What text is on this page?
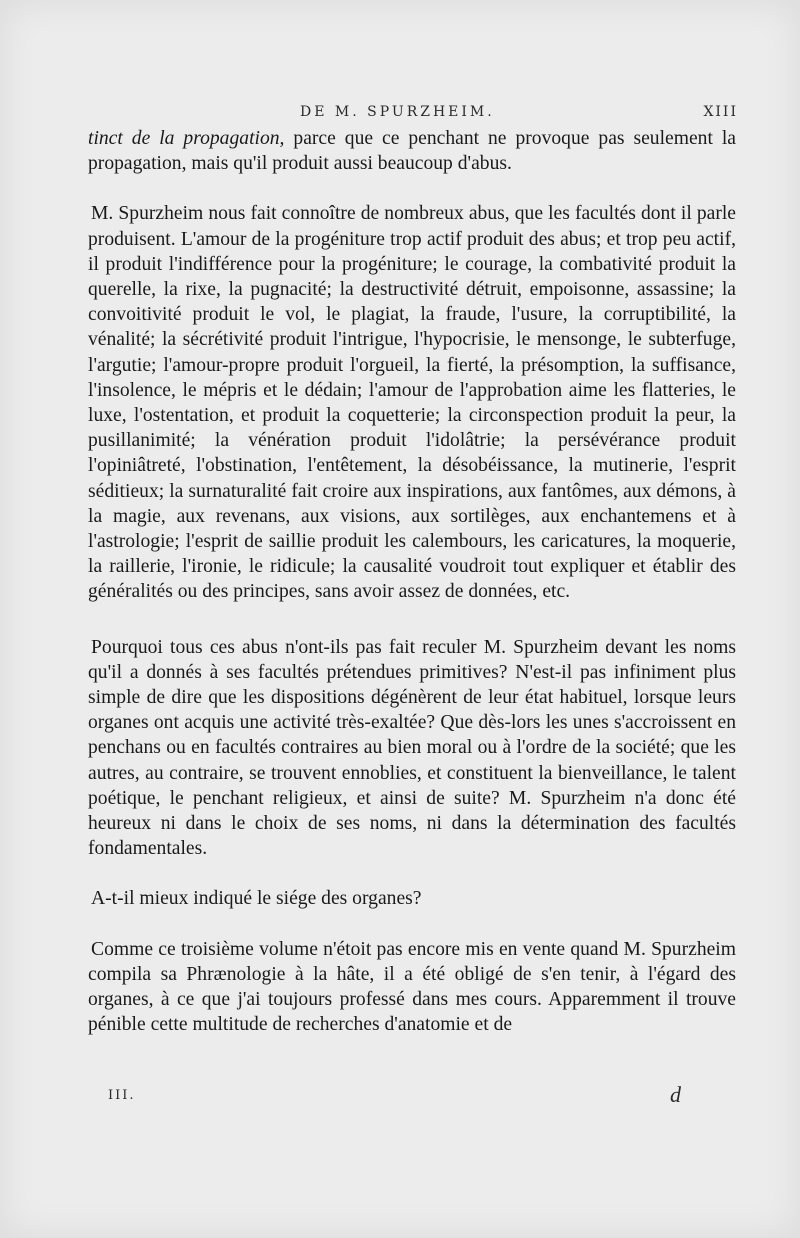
DE M. SPURZHEIM.	XIII

tinct de la propagation, parce que ce penchant ne provoque pas seulement la propagation, mais qu'il produit aussi beaucoup d'abus.

M. Spurzheim nous fait connoître de nombreux abus, que les facultés dont il parle produisent. L'amour de la progéniture trop actif produit des abus; et trop peu actif, il produit l'indifférence pour la progéniture; le courage, la combativité produit la querelle, la rixe, la pugnacité; la destructivité détruit, empoisonne, assassine; la convoitivité produit le vol, le plagiat, la fraude, l'usure, la corruptibilité, la vénalité; la sécrétivité produit l'intrigue, l'hypocrisie, le mensonge, le subterfuge, l'argutie; l'amour-propre produit l'orgueil, la fierté, la présomption, la suffisance, l'insolence, le mépris et le dédain; l'amour de l'approbation aime les flatteries, le luxe, l'ostentation, et produit la coquetterie; la circonspection produit la peur, la pusillanimité; la vénération produit l'idolâtrie; la persévérance produit l'opiniâtreté, l'obstination, l'entêtement, la désobéissance, la mutinerie, l'esprit séditieux; la surnaturalité fait croire aux inspirations, aux fantômes, aux démons, à la magie, aux revenans, aux visions, aux sortilèges, aux enchantemens et à l'astrologie; l'esprit de saillie produit les calembours, les caricatures, la moquerie, la raillerie, l'ironie, le ridicule; la causalité voudroit tout expliquer et établir des généralités ou des principes, sans avoir assez de données, etc.

Pourquoi tous ces abus n'ont-ils pas fait reculer M. Spurzheim devant les noms qu'il a donnés à ses facultés prétendues primitives? N'est-il pas infiniment plus simple de dire que les dispositions dégénèrent de leur état habituel, lorsque leurs organes ont acquis une activité très-exaltée? Que dès-lors les unes s'accroissent en penchans ou en facultés contraires au bien moral ou à l'ordre de la société; que les autres, au contraire, se trouvent ennoblies, et constituent la bienveillance, le talent poétique, le penchant religieux, et ainsi de suite? M. Spurzheim n'a donc été heureux ni dans le choix de ses noms, ni dans la détermination des facultés fondamentales.

A-t-il mieux indiqué le siége des organes?

Comme ce troisième volume n'étoit pas encore mis en vente quand M. Spurzheim compila sa Phrænologie à la hâte, il a été obligé de s'en tenir, à l'égard des organes, à ce que j'ai toujours professé dans mes cours. Apparemment il trouve pénible cette multitude de recherches d'anatomie et de

III.	d
